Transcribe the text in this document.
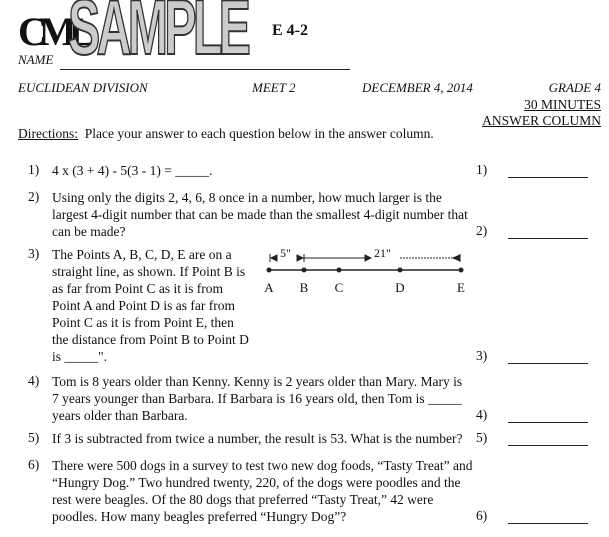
CML
SAMPLE E 4-2
NAME
EUCLIDEAN DIVISION	MEET 2	DECEMBER 4, 2014	GRADE 4
30 MINUTES
ANSWER COLUMN
Directions: Place your answer to each question below in the answer column.
1) 4 x (3 + 4) - 5(3 - 1) = _____.	1)
2) Using only the digits 2, 4, 6, 8 once in a number, how much larger is the
largest 4-digit number that can be made than the smallest 4-digit number that
can be made?	2)
3) The Points A, B, C, D, E are on a
straight line, as shown. If Point B is
as far from Point C as it is from
Point A and Point D is as far from
Point C as it is from Point E, then
the distance from Point B to Point D
is _____".	3)
4) Tom is 8 years older than Kenny. Kenny is 2 years older than Mary. Mary is
7 years younger than Barbara. If Barbara is 16 years old, then Tom is _____
years older than Barbara.	4)
5) If 3 is subtracted from twice a number, the result is 53. What is the number? 5)
6) There were 500 dogs in a survey to test two new dog foods, “Tasty Treat” and
“Hungry Dog.” Two hundred twenty, 220, of the dogs were poodles and the
rest were beagles. Of the 80 dogs that preferred “Tasty Treat,” 42 were
poodles. How many beagles preferred “Hungry Dog”?	6)
5"	21"
A	B	C	D	E
